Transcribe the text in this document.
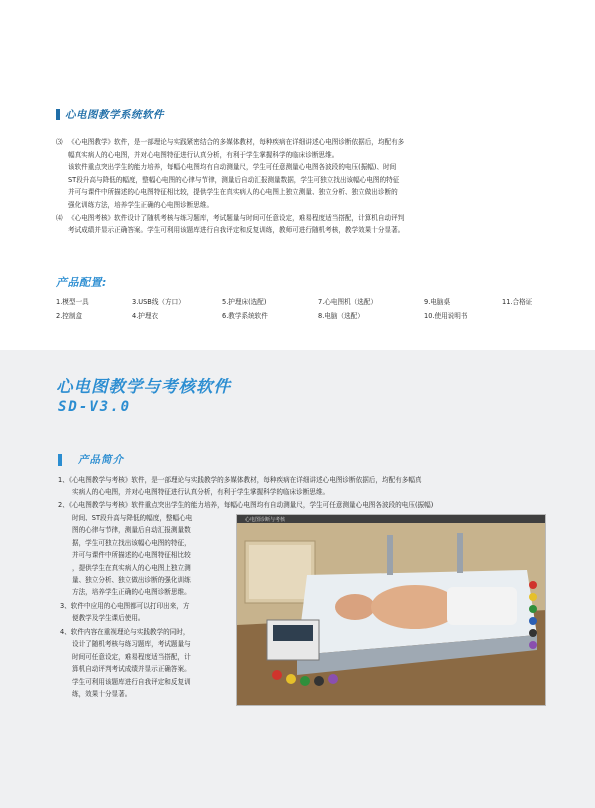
心电图教学系统软件
⑶ 《心电图教学》软件，是一部理论与实践紧密结合的多媒体教材，每种疾病在详细讲述心电图诊断依据后，均配有多
幅真实病人的心电图，并对心电图特征进行认真分析，有利于学生掌握科学的临床诊断思维。
该软件重点突出学生的能力培养，每幅心电图均有自动测量尺，学生可任意测量心电图各波段的电压(振幅)、时间
ST段升高与降低的幅度，整幅心电图的心律与节律，测量后自动汇报测量数据，学生可独立找出该幅心电图的特征
并可与课件中所描述的心电图特征相比较，提供学生在真实病人的心电图上独立测量、独立分析、独立做出诊断的
强化训练方法，培养学生正确的心电图诊断思维。
⑷ 《心电图考核》软件设计了随机考核与练习题库，考试题量与时间可任意设定，难易程度适当搭配，计算机自动评判
考试成绩并显示正确答案。学生可利用该题库进行自我评定和反复训练，教师可进行随机考核，教学效果十分显著。
产品配置:
1.模型一具	3.USB线（方口）	5.护理床(选配)	7.心电图机（选配）	9.电脑桌	11.合格证
2.控制盒	4.护理衣	6.教学系统软件	8.电脑（选配）	10.使用说明书
心电图教学与考核软件
SD-V3.0
产品简介
1、《心电图教学与考核》软件，是一部理论与实践教学的多媒体教材，每种疾病在详细讲述心电图诊断依据后，均配有多幅真
实病人的心电图，并对心电图特征进行认真分析，有利于学生掌握科学的临床诊断思维。
2、《心电图教学与考核》软件重点突出学生的能力培养，每幅心电图均有自动测量尺，学生可任意测量心电图各波段的电压(振幅)
时间、ST段升高与降低的幅度，整幅心电
图的心律与节律，测量后自动汇报测量数
据，学生可独立找出该幅心电图的特征，
并可与课件中所描述的心电图特征相比较
，提供学生在真实病人的心电图上独立测
量、独立分析、独立做出诊断的强化训练
方法，培养学生正确的心电图诊断思维。
3、软件中应用的心电图都可以打印出来，方
便教学及学生课后使用。
4、软件内容在重视理论与实践教学的同时，
设计了随机考核与练习题库，考试题量与
时间可任意设定，难易程度适当搭配，计
算机自动评判考试成绩并显示正确答案。
学生可利用该题库进行自我评定和反复训
练，效果十分显著。
心电图诊断与考核
